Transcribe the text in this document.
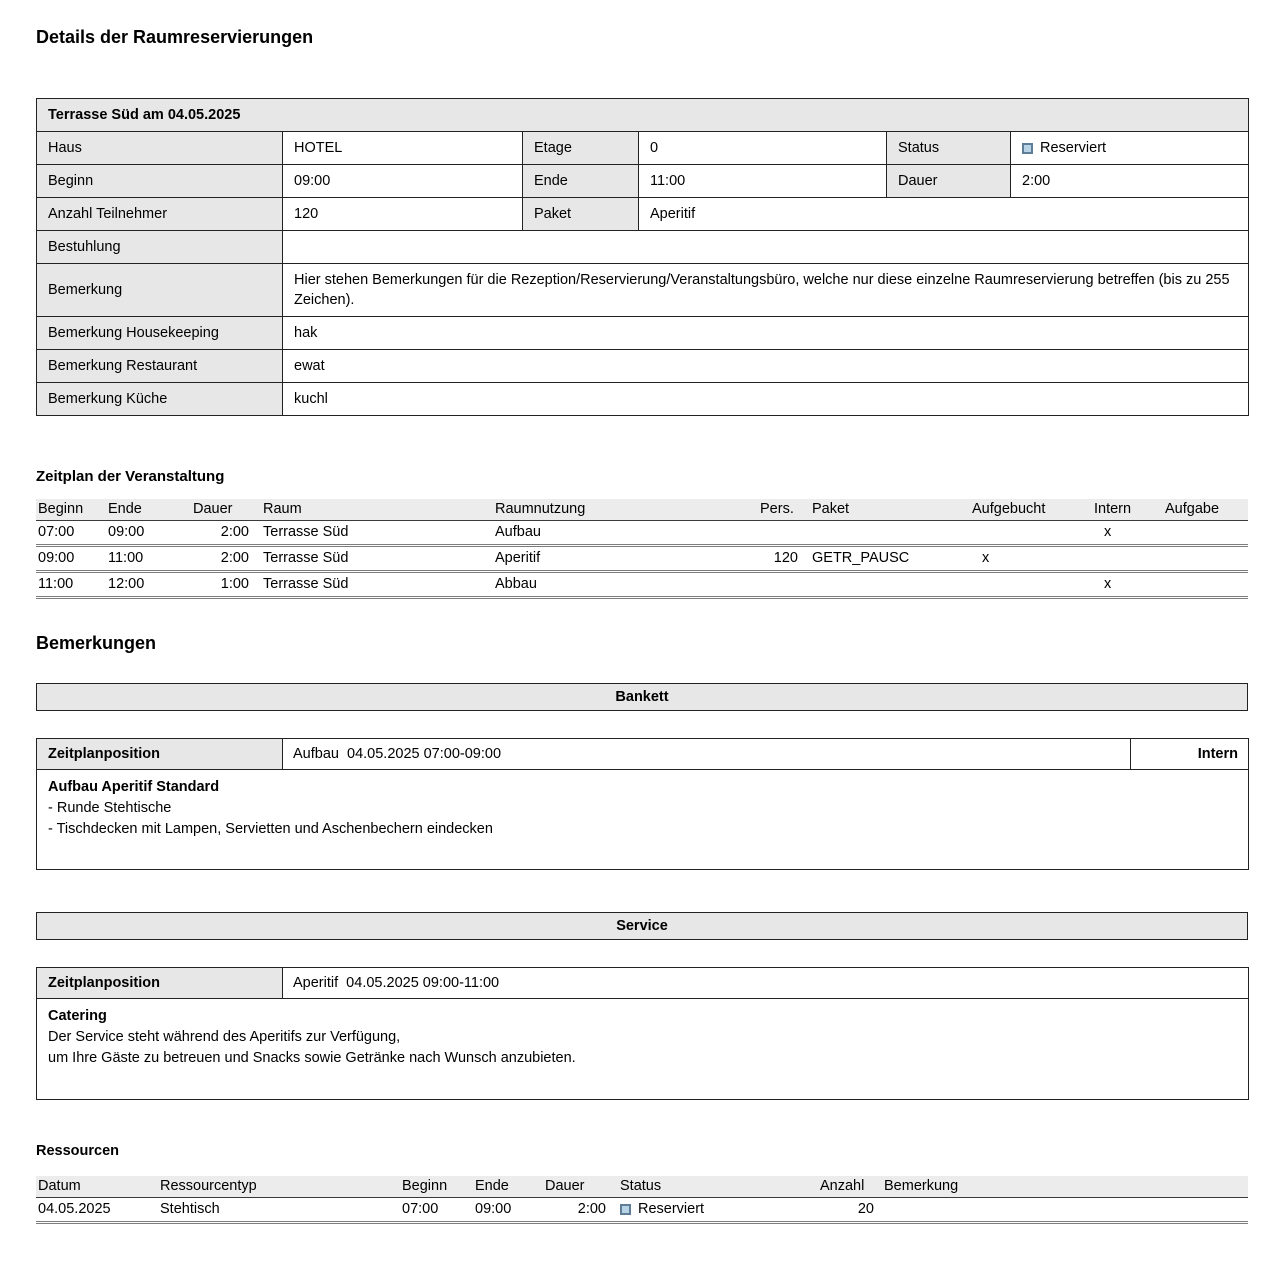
Details der Raumreservierungen
Terrasse Süd am 04.05.2025					
Haus	HOTEL	Etage	0	Status	Reserviert
Beginn	09:00	Ende	11:00	Dauer	2:00
Anzahl Teilnehmer	120	Paket	Aperitif		
Bestuhlung					
Bemerkung	Hier stehen Bemerkungen für die Rezeption/Reservierung/Veranstaltungsbüro, welche nur diese einzelne Raumreservierung betreffen (bis zu 255 Zeichen).				
Bemerkung Housekeeping	hak				
Bemerkung Restaurant	ewat				
Bemerkung Küche	kuchl				
Zeitplan der Veranstaltung
Beginn	Ende	Dauer	Raum	Raumnutzung	Pers.	Paket	Aufgebucht	Intern	Aufgabe
07:00	09:00	2:00	Terrasse Süd	Aufbau				x	
09:00	11:00	2:00	Terrasse Süd	Aperitif	120	GETR_PAUSC	x		
11:00	12:00	1:00	Terrasse Süd	Abbau				x	
Bemerkungen
Bankett
Zeitplanposition	Aufbau  04.05.2025 07:00-09:00	Intern

Aufbau Aperitif Standard
- Runde Stehtische
- Tischdecken mit Lampen, Servietten und Aschenbechern eindecken
Service
Zeitplanposition	Aperitif  04.05.2025 09:00-11:00

Catering
Der Service steht während des Aperitifs zur Verfügung,
um Ihre Gäste zu betreuen und Snacks sowie Getränke nach Wunsch anzubieten.
Ressourcen
Datum	Ressourcentyp	Beginn	Ende	Dauer	Status	Anzahl	Bemerkung
04.05.2025	Stehtisch	07:00	09:00	2:00	Reserviert	20	
